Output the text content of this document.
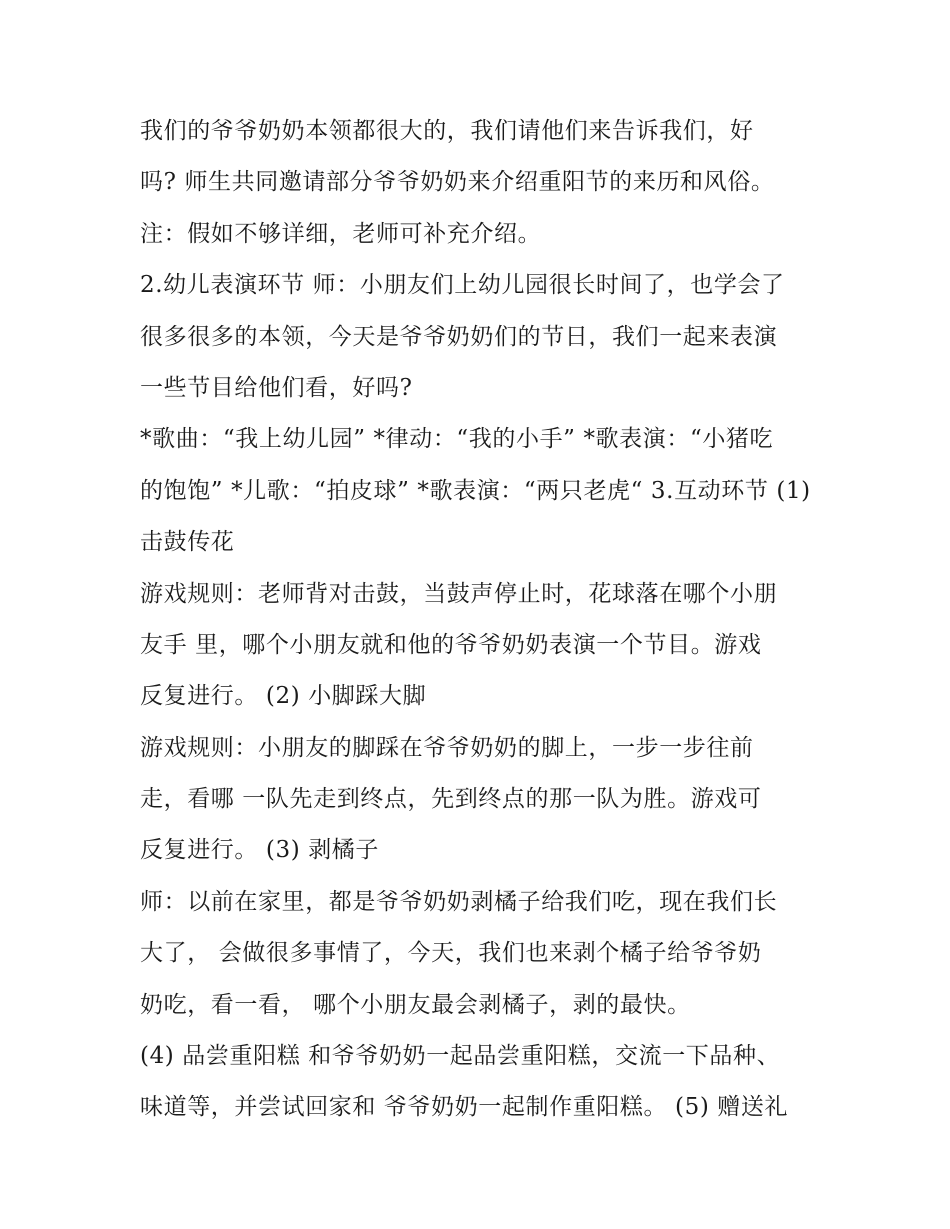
我们的爷爷奶奶本领都很大的，我们请他们来告诉我们，好
吗? 师生共同邀请部分爷爷奶奶来介绍重阳节的来历和风俗。
注：假如不够详细，老师可补充介绍。
2.幼儿表演环节 师：小朋友们上幼儿园很长时间了，也学会了
很多很多的本领，今天是爷爷奶奶们的节日，我们一起来表演
一些节目给他们看，好吗?
*歌曲：“我上幼儿园” *律动：“我的小手” *歌表演：“小猪吃
的饱饱” *儿歌：“拍皮球” *歌表演：“两只老虎“ 3.互动环节 (1)
击鼓传花
游戏规则：老师背对击鼓，当鼓声停止时，花球落在哪个小朋
友手 里，哪个小朋友就和他的爷爷奶奶表演一个节目。游戏
反复进行。 (2) 小脚踩大脚
游戏规则：小朋友的脚踩在爷爷奶奶的脚上，一步一步往前
走，看哪 一队先走到终点，先到终点的那一队为胜。游戏可
反复进行。 (3) 剥橘子
师：以前在家里，都是爷爷奶奶剥橘子给我们吃，现在我们长
大了， 会做很多事情了，今天，我们也来剥个橘子给爷爷奶
奶吃，看一看， 哪个小朋友最会剥橘子，剥的最快。
(4) 品尝重阳糕 和爷爷奶奶一起品尝重阳糕，交流一下品种、
味道等，并尝试回家和 爷爷奶奶一起制作重阳糕。 (5) 赠送礼
